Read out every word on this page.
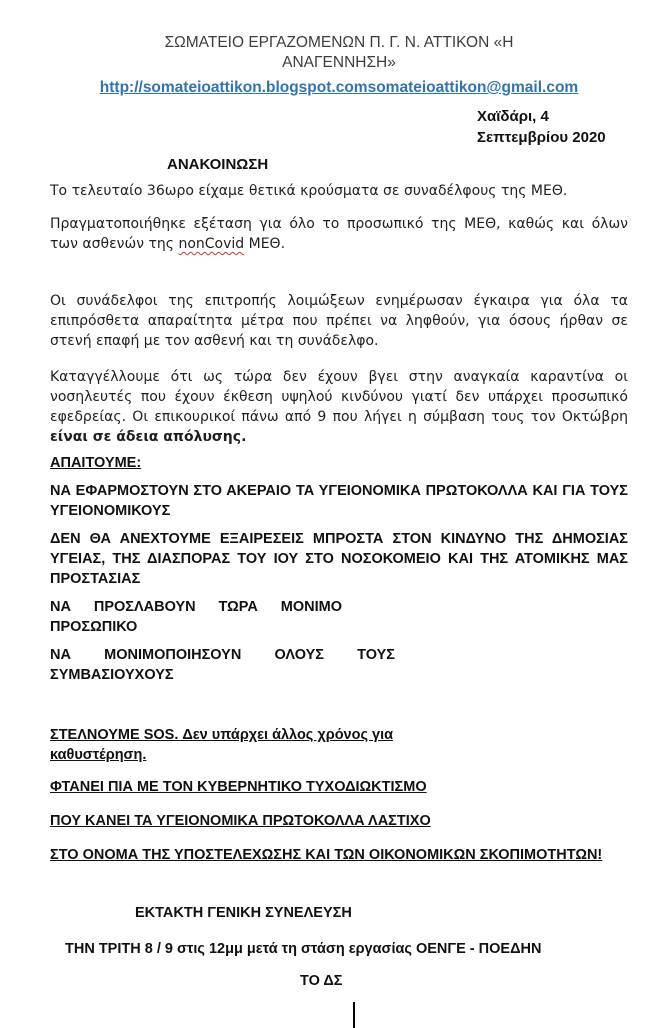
ΣΩΜΑΤΕΙΟ ΕΡΓΑΖΟΜΕΝΩΝ Π. Γ. Ν. ΑΤΤΙΚΟΝ «Η ΑΝΑΓΕΝΝΗΣΗ»
http://somateioattikon.blogspot.comsomateioattikon@gmail.com
Χαϊδάρι, 4
Σεπτεμβρίου 2020
ΑΝΑΚΟΙΝΩΣΗ

Το τελευταίο 36ωρο είχαμε θετικά κρούσματα σε συναδέλφους της ΜΕΘ.

Πραγματοποιήθηκε εξέταση για όλο το προσωπικό της ΜΕΘ, καθώς και όλων των ασθενών της nonCovid ΜΕΘ.

Οι συνάδελφοι της επιτροπής λοιμώξεων ενημέρωσαν έγκαιρα για όλα τα επιπρόσθετα απαραίτητα μέτρα που πρέπει να ληφθούν, για όσους ήρθαν σε στενή επαφή με τον ασθενή και τη συνάδελφο.

Καταγγέλλουμε ότι ως τώρα δεν έχουν βγει στην αναγκαία καραντίνα οι νοσηλευτές που έχουν έκθεση υψηλού κινδύνου γιατί δεν υπάρχει προσωπικό εφεδρείας. Οι επικουρικοί πάνω από 9 που λήγει η σύμβαση τους τον Οκτώβρη είναι σε άδεια απόλυσης.

ΑΠΑΙΤΟΥΜΕ:

ΝΑ ΕΦΑΡΜΟΣΤΟΥΝ ΣΤΟ ΑΚΕΡΑΙΟ ΤΑ ΥΓΕΙΟΝΟΜΙΚΑ ΠΡΩΤΟΚΟΛΛΑ ΚΑΙ ΓΙΑ ΤΟΥΣ ΥΓΕΙΟΝΟΜΙΚΟΥΣ

ΔΕΝ ΘΑ ΑΝΕΧΤΟΥΜΕ ΕΞΑΙΡΕΣΕΙΣ ΜΠΡΟΣΤΑ ΣΤΟΝ ΚΙΝΔΥΝΟ ΤΗΣ ΔΗΜΟΣΙΑΣ ΥΓΕΙΑΣ, ΤΗΣ ΔΙΑΣΠΟΡΑΣ ΤΟΥ ΙΟΥ ΣΤΟ ΝΟΣΟΚΟΜΕΙΟ ΚΑΙ ΤΗΣ ΑΤΟΜΙΚΗΣ ΜΑΣ ΠΡΟΣΤΑΣΙΑΣ

ΝΑ ΠΡΟΣΛΑΒΟΥΝ ΤΩΡΑ ΜΟΝΙΜΟ ΠΡΟΣΩΠΙΚΟ

ΝΑ ΜΟΝΙΜΟΠΟΙΗΣΟΥΝ ΟΛΟΥΣ ΤΟΥΣ ΣΥΜΒΑΣΙΟΥΧΟΥΣ

ΣΤΕΛΝΟΥΜΕ SOS. Δεν υπάρχει άλλος χρόνος για καθυστέρηση.

ΦΤΑΝΕΙ ΠΙΑ ΜΕ ΤΟΝ ΚΥΒΕΡΝΗΤΙΚΟ ΤΥΧΟΔΙΩΚΤΙΣΜΟ

ΠΟΥ ΚΑΝΕΙ ΤΑ ΥΓΕΙΟΝΟΜΙΚΑ ΠΡΩΤΟΚΟΛΛΑ ΛΑΣΤΙΧΟ

ΣΤΟ ΟΝΟΜΑ ΤΗΣ ΥΠΟΣΤΕΛΕΧΩΣΗΣ ΚΑΙ ΤΩΝ ΟΙΚΟΝΟΜΙΚΩΝ ΣΚΟΠΙΜΟΤΗΤΩΝ!

ΕΚΤΑΚΤΗ ΓΕΝΙΚΗ ΣΥΝΕΛΕΥΣΗ

ΤΗΝ ΤΡΙΤΗ 8 / 9 στις 12μμ μετά τη στάση εργασίας ΟΕΝΓΕ - ΠΟΕΔΗΝ

ΤΟ ΔΣ
